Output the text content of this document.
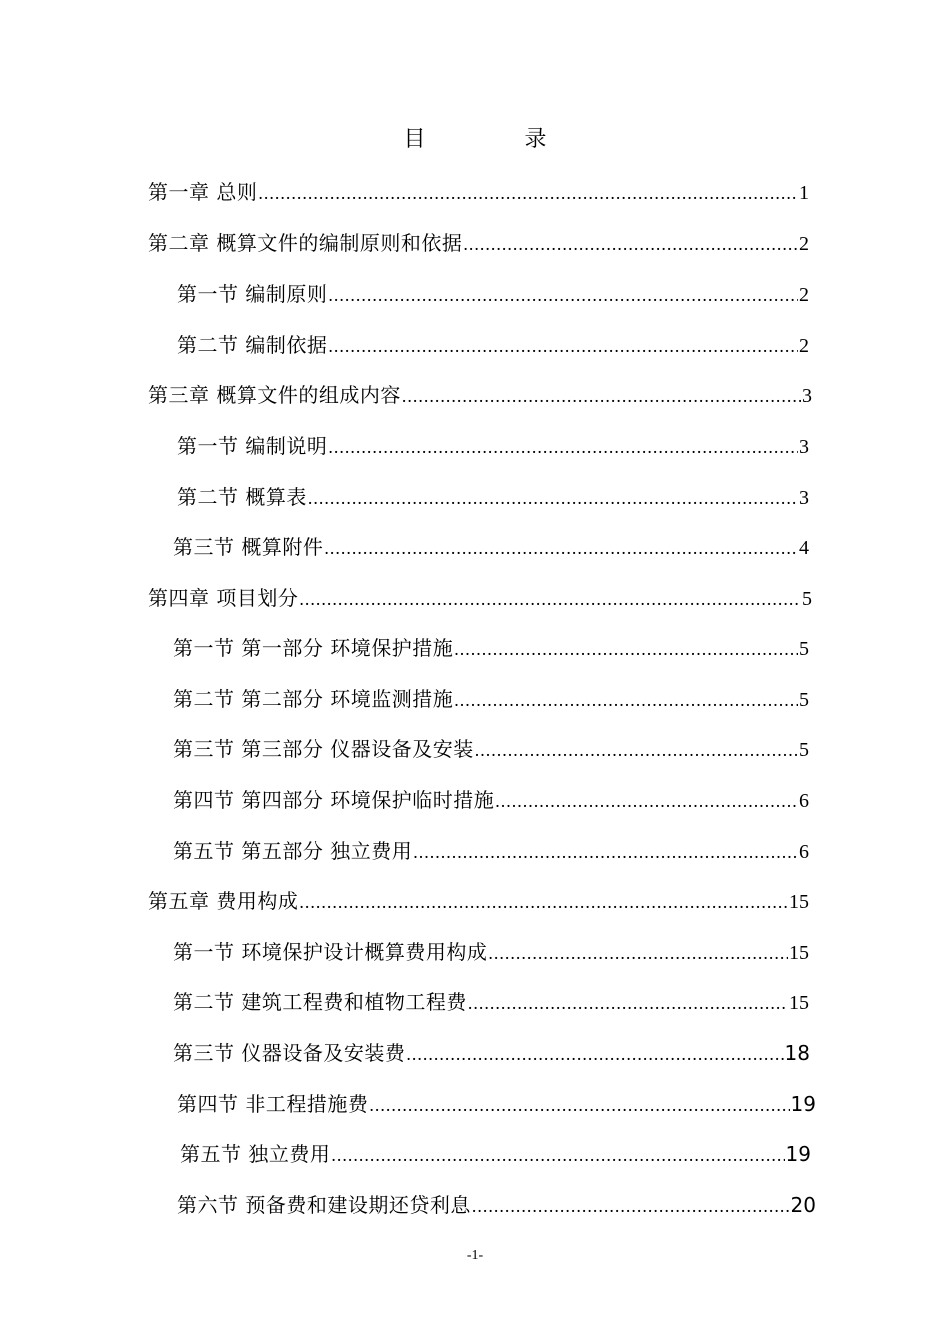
目 录
第一章 总则 .....	1
第二章 概算文件的编制原则和依据 .....	2
第一节 编制原则 .....	2
第二节 编制依据 .....	2
第三章 概算文件的组成内容 .....	3
第一节 编制说明 .....	3
第二节 概算表 .....	3
第三节 概算附件 .....	4
第四章 项目划分 .....	5
第一节 第一部分 环境保护措施 .....	5
第二节 第二部分 环境监测措施 .....	5
第三节 第三部分 仪器设备及安装 .....	5
第四节 第四部分 环境保护临时措施 .....	6
第五节 第五部分 独立费用 .....	6
第五章 费用构成 .....	15
第一节 环境保护设计概算费用构成 .....	15
第二节 建筑工程费和植物工程费 .....	15
第三节 仪器设备及安装费 .....	18
第四节 非工程措施费 .....	19
第五节 独立费用 .....	19
第六节 预备费和建设期还贷利息 .....	20
-1-
